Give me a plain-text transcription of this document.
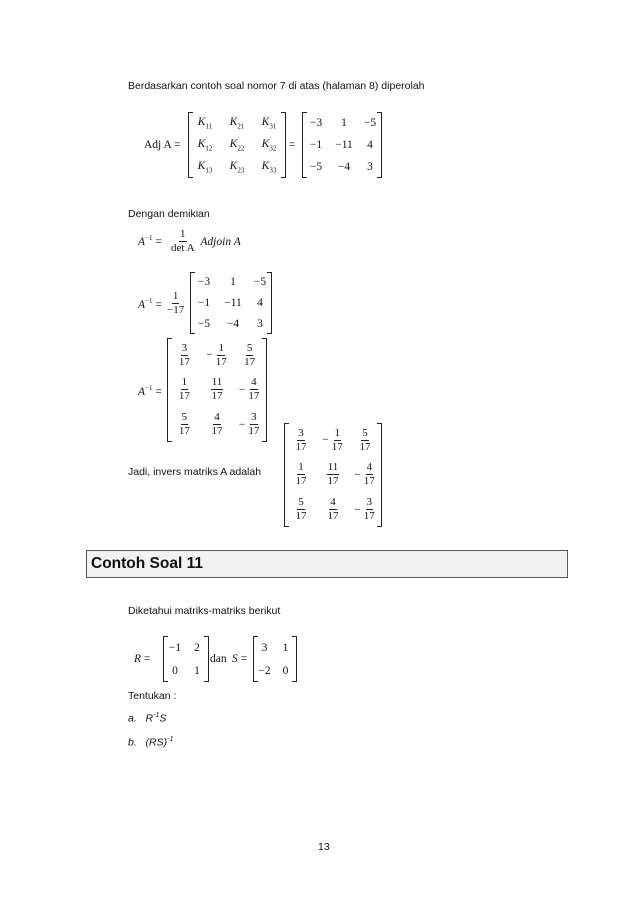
Berdasarkan contoh soal nomor 7 di atas (halaman 8) diperolah
Adj A =
$K_{11}$ $K_{21}$ $K_{31}$
$K_{12}$ $K_{22}$ $K_{32}$
$K_{13}$ $K_{23}$ $K_{33}$
=
−3 1 −5
−1 −11 4
−5 −4 3
Dengan demikian
$A^{-1} = \frac{1}{\text{det A}}$ Adjoin A
$A^{-1} = \frac{1}{-17}$
−3 1 −5
−1 −11 4
−5 −4 3
$A^{-1}$ =
$\frac{3}{17} - \frac{1}{17} \frac{5}{17}$
$\frac{1}{17} \frac{11}{17} - \frac{4}{17}$
$\frac{5}{17} \frac{4}{17} - \frac{3}{17}$
Jadi, invers matriks A adalah
$\frac{3}{17} - \frac{1}{17} \frac{5}{17}$
$\frac{1}{17} \frac{11}{17} - \frac{4}{17}$
$\frac{5}{17} \frac{4}{17} - \frac{3}{17}$
Contoh Soal 11
Diketahui matriks-matriks berikut
R =
−1 2
0 1
dan S =
3 1
−2 0
Tentukan :
a. $R^{-1}S$
b. (RS)$^{-1}$
13
